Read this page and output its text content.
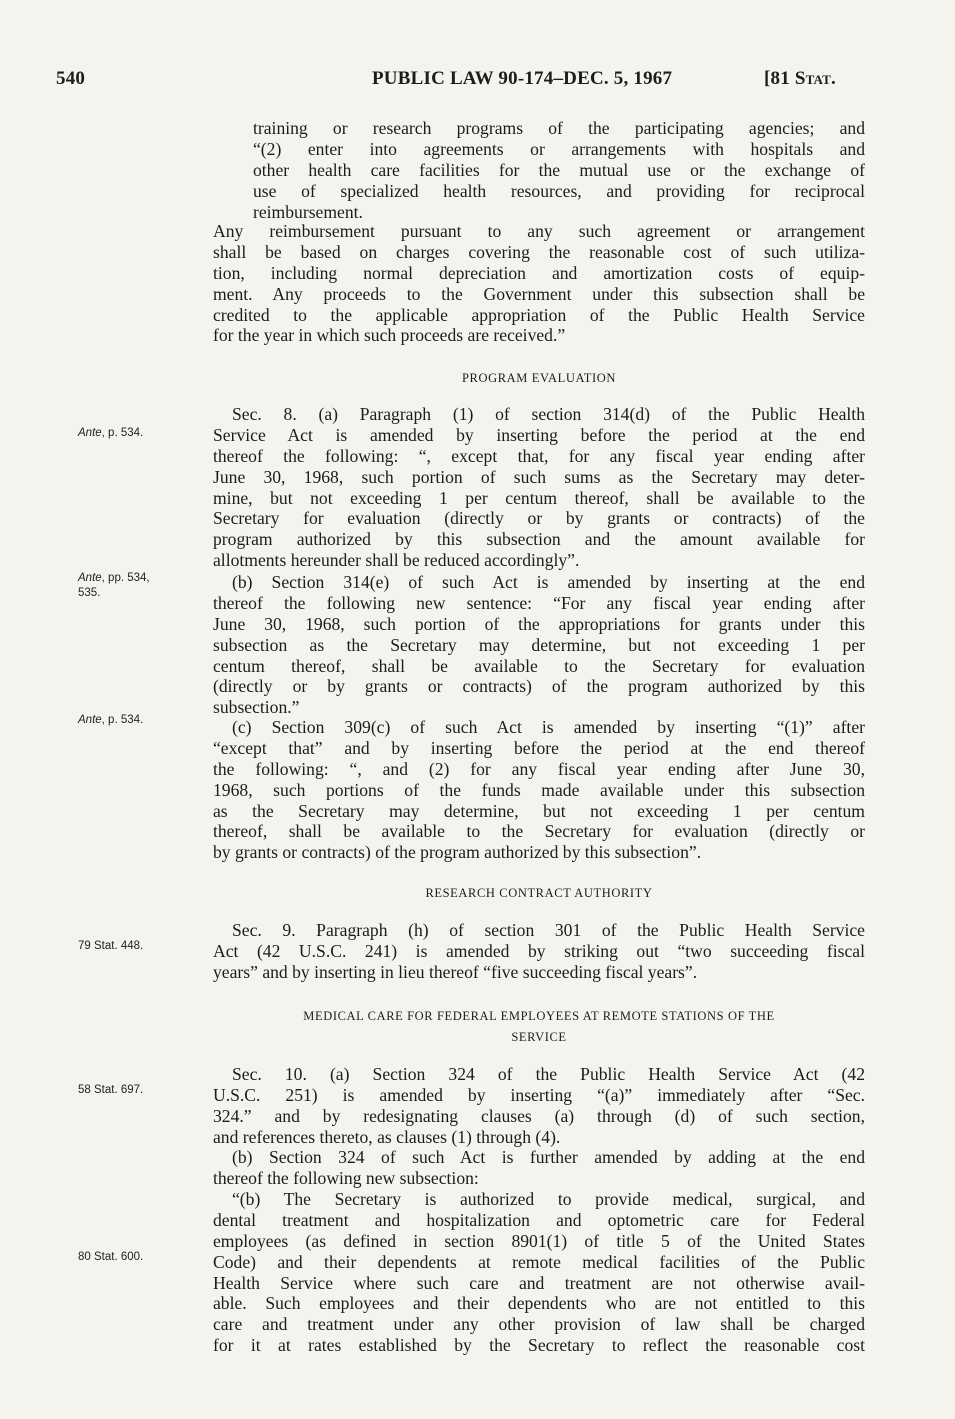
540	PUBLIC LAW 90-174–DEC. 5, 1967	[81 Stat.
training or research programs of the participating agencies; and
“(2) enter into agreements or arrangements with hospitals and
other health care facilities for the mutual use or the exchange of
use of specialized health resources, and providing for reciprocal
reimbursement.
Any reimbursement pursuant to any such agreement or arrangement
shall be based on charges covering the reasonable cost of such utiliza-
tion, including normal depreciation and amortization costs of equip-
ment. Any proceeds to the Government under this subsection shall be
credited to the applicable appropriation of the Public Health Service
for the year in which such proceeds are received.”
PROGRAM EVALUATION
Sec. 8. (a) Paragraph (1) of section 314(d) of the Public Health
Service Act is amended by inserting before the period at the end
thereof the following: “, except that, for any fiscal year ending after
June 30, 1968, such portion of such sums as the Secretary may deter-
mine, but not exceeding 1 per centum thereof, shall be available to the
Secretary for evaluation (directly or by grants or contracts) of the
program authorized by this subsection and the amount available for
allotments hereunder shall be reduced accordingly”.
(b) Section 314(e) of such Act is amended by inserting at the end
thereof the following new sentence: “For any fiscal year ending after
June 30, 1968, such portion of the appropriations for grants under this
subsection as the Secretary may determine, but not exceeding 1 per
centum thereof, shall be available to the Secretary for evaluation
(directly or by grants or contracts) of the program authorized by this
subsection.”
(c) Section 309(c) of such Act is amended by inserting “(1)” after
“except that” and by inserting before the period at the end thereof
the following: “, and (2) for any fiscal year ending after June 30,
1968, such portions of the funds made available under this subsection
as the Secretary may determine, but not exceeding 1 per centum
thereof, shall be available to the Secretary for evaluation (directly or
by grants or contracts) of the program authorized by this subsection”.
RESEARCH CONTRACT AUTHORITY
Sec. 9. Paragraph (h) of section 301 of the Public Health Service
Act (42 U.S.C. 241) is amended by striking out “two succeeding fiscal
years” and by inserting in lieu thereof “five succeeding fiscal years”.
MEDICAL CARE FOR FEDERAL EMPLOYEES AT REMOTE STATIONS OF THE
SERVICE
Sec. 10. (a) Section 324 of the Public Health Service Act (42
U.S.C. 251) is amended by inserting “(a)” immediately after “Sec.
324.” and by redesignating clauses (a) through (d) of such section,
and references thereto, as clauses (1) through (4).
(b) Section 324 of such Act is further amended by adding at the end
thereof the following new subsection:
“(b) The Secretary is authorized to provide medical, surgical, and
dental treatment and hospitalization and optometric care for Federal
employees (as defined in section 8901(1) of title 5 of the United States
Code) and their dependents at remote medical facilities of the Public
Health Service where such care and treatment are not otherwise avail-
able. Such employees and their dependents who are not entitled to this
care and treatment under any other provision of law shall be charged
for it at rates established by the Secretary to reflect the reasonable cost
Ante, p. 534.
Ante, pp. 534,
535.
Ante, p. 534.
79 Stat. 448.
58 Stat. 697.
80 Stat. 600.
